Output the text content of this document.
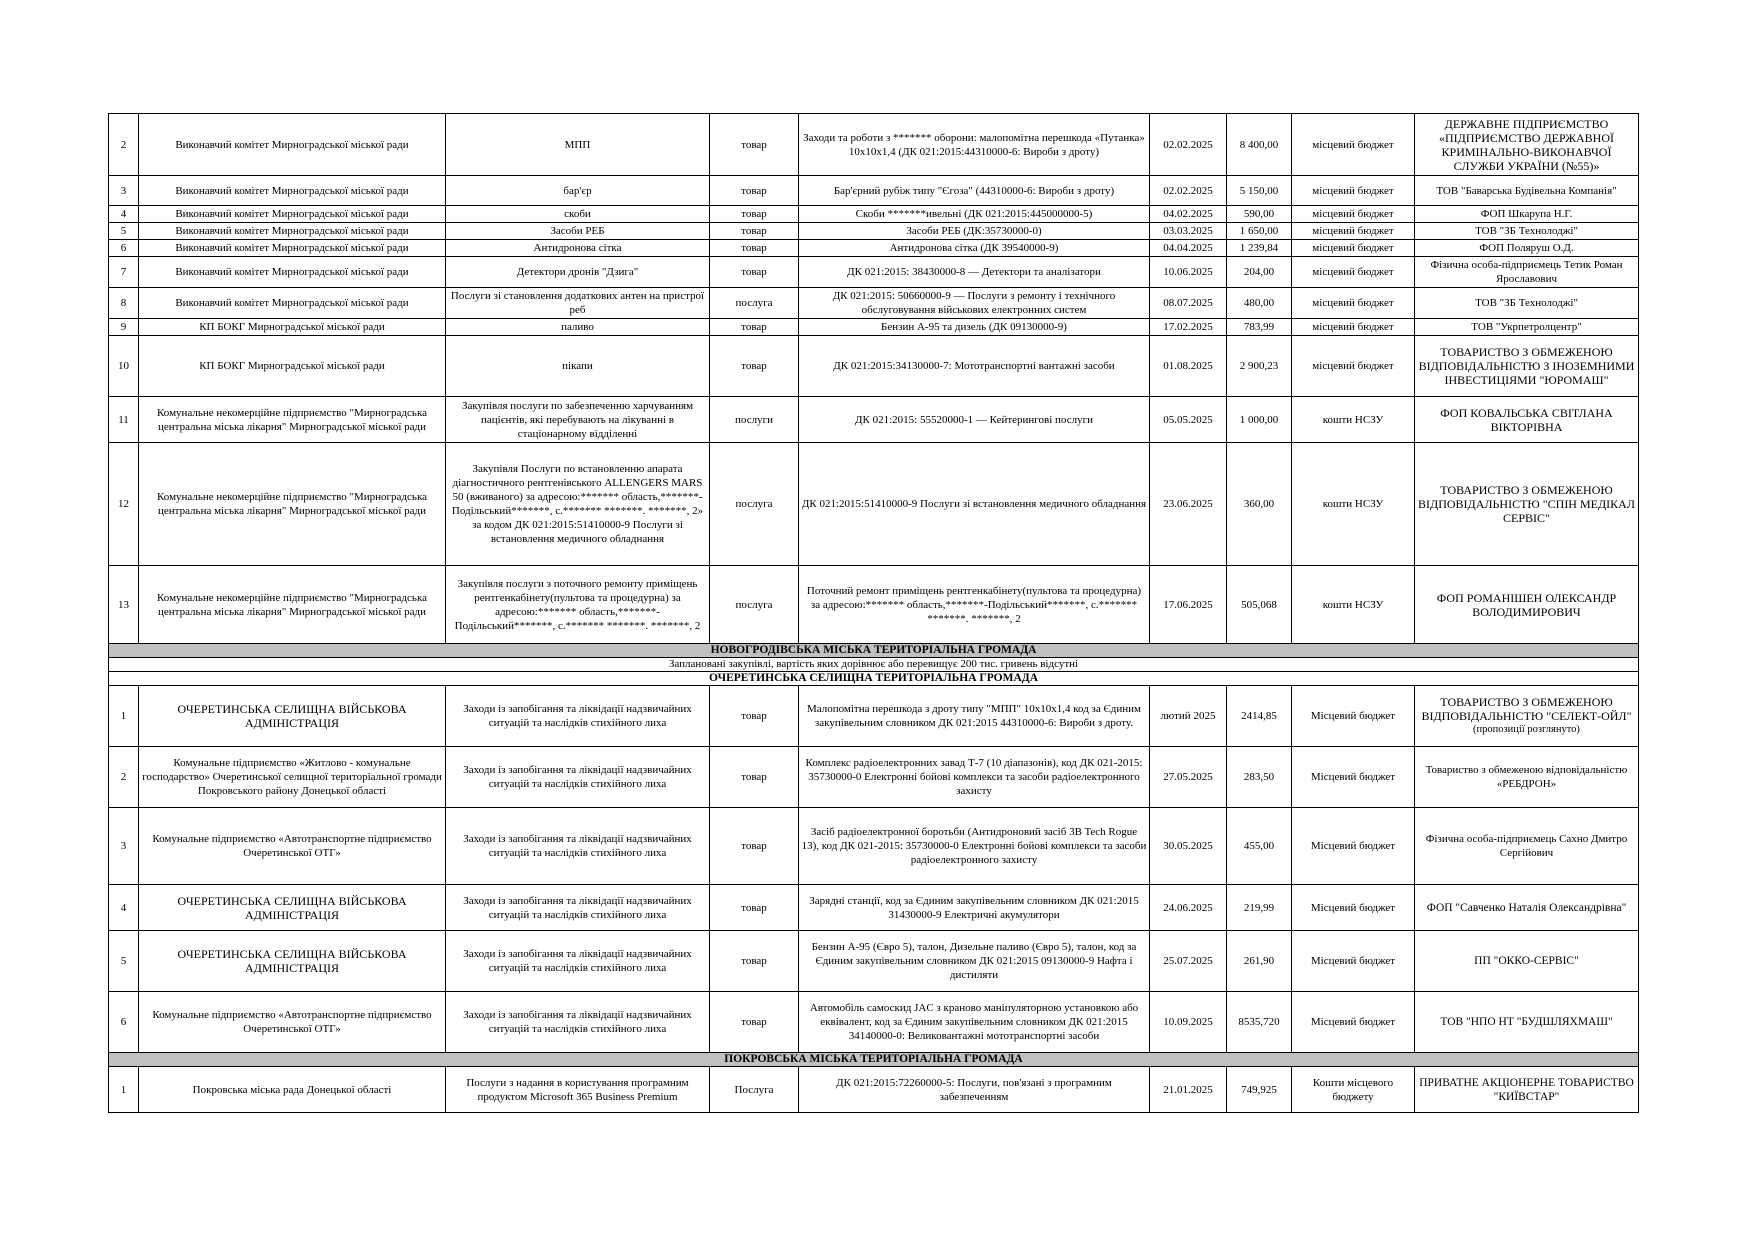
2	Виконавчий комітет Мирноградської міської ради	МПП	товар	Заходи та роботи з ******* оборони: малопомітна перешкода «Путанка» 10х10х1,4 (ДК 021:2015:44310000-6: Вироби з дроту)	02.02.2025	8 400,00	місцевий бюджет	ДЕРЖАВНЕ ПІДПРИЄМСТВО «ПІДПРИЄМСТВО ДЕРЖАВНОЇ КРИМІНАЛЬНО-ВИКОНАВЧОЇ СЛУЖБИ УКРАЇНИ (№55)»
3	Виконавчий комітет Мирноградської міської ради	бар'єр	товар	Бар'єрний рубіж типу "Єгоза" (44310000-6: Вироби з дроту)	02.02.2025	5 150,00	місцевий бюджет	ТОВ "Баварська Будівельна Компанія"
4	Виконавчий комітет Мирноградської міської ради	скоби	товар	Скоби *******ивельні (ДК 021:2015:445000000-5)	04.02.2025	590,00	місцевий бюджет	ФОП Шкарупа Н.Г.
5	Виконавчий комітет Мирноградської міської ради	Засоби РЕБ	товар	Засоби РЕБ (ДК:35730000-0)	03.03.2025	1 650,00	місцевий бюджет	ТОВ "ЗБ Технолоджі"
6	Виконавчий комітет Мирноградської міської ради	Антидронова сітка	товар	Антидронова сітка (ДК 39540000-9)	04.04.2025	1 239,84	місцевий бюджет	ФОП Поляруш О.Д.
7	Виконавчий комітет Мирноградської міської ради	Детектори дронів "Дзига"	товар	ДК 021:2015: 38430000-8 — Детектори та аналізатори	10.06.2025	204,00	місцевий бюджет	Фізична особа-підприємець Тетик Роман Ярославович
8	Виконавчий комітет Мирноградської міської ради	Послуги зі становлення додаткових антен на пристрої реб	послуга	ДК 021:2015: 50660000-9 — Послуги з ремонту і технічного обслуговування військових електронних систем	08.07.2025	480,00	місцевий бюджет	ТОВ "ЗБ Технолоджі"
9	КП БОКГ Мирноградської міської ради	паливо	товар	Бензин А-95 та дизель (ДК 09130000-9)	17.02.2025	783,99	місцевий бюджет	ТОВ "Укрпетролцентр"
10	КП БОКГ Мирноградської міської ради	пікапи	товар	ДК 021:2015:34130000-7: Мототранспортні вантажні засоби	01.08.2025	2 900,23	місцевий бюджет	ТОВАРИСТВО З ОБМЕЖЕНОЮ ВІДПОВІДАЛЬНІСТЮ З ІНОЗЕМНИМИ ІНВЕСТИЦІЯМИ "ЮРОМАШ"
11	Комунальне некомерційне підприємство "Мирноградська центральна міська лікарня" Мирноградської міської ради	Закупівля послуги по забезпеченню харчуванням пацієнтів, які перебувають на лікуванні в стаціонарному відділенні	послуги	ДК 021:2015: 55520000-1 — Кейтерингові послуги	05.05.2025	1 000,00	кошти НСЗУ	ФОП КОВАЛЬСЬКА СВІТЛАНА ВІКТОРІВНА
12	Комунальне некомерційне підприємство "Мирноградська центральна міська лікарня" Мирноградської міської ради	Закупівля Послуги по встановленню апарата діагностичного рентгенівського ALLENGERS MARS 50 (вживаного) за адресою:******* область,*******-Подільський*******, с.******* *******. *******, 2» за кодом ДК 021:2015:51410000-9 Послуги зі встановлення медичного обладнання	послуга	ДК 021:2015:51410000-9 Послуги зі встановлення медичного обладнання	23.06.2025	360,00	кошти НСЗУ	ТОВАРИСТВО З ОБМЕЖЕНОЮ ВІДПОВІДАЛЬНІСТЮ "СПІН МЕДІКАЛ СЕРВІС"
13	Комунальне некомерційне підприємство "Мирноградська центральна міська лікарня" Мирноградської міської ради	Закупівля послуги з поточного ремонту приміщень рентгенкабінету(пультова та процедурна) за адресою:******* область,*******-Подільський*******, с.******* *******. *******, 2	послуга	Поточний ремонт приміщень рентгенкабінету(пультова та процедурна) за адресою:******* область,*******-Подільський*******, с.******* *******. *******, 2	17.06.2025	505,068	кошти НСЗУ	ФОП РОМАНІШЕН ОЛЕКСАНДР ВОЛОДИМИРОВИЧ
НОВОГРОДІВСЬКА МІСЬКА ТЕРИТОРІАЛЬНА ГРОМАДА								
Заплановані закупівлі, вартість яких дорівнює або перевищує 200 тис. гривень відсутні								
ОЧЕРЕТИНСЬКА СЕЛИЩНА ТЕРИТОРІАЛЬНА ГРОМАДА								
1	ОЧЕРЕТИНСЬКА СЕЛИЩНА ВІЙСЬКОВА АДМІНІСТРАЦІЯ	Заходи із запобігання та ліквідації надзвичайних ситуацій та наслідків стихійного лиха	товар	Малопомітна перешкода з дроту типу "МПП" 10х10х1,4 код за Єдиним закупівельним словником ДК 021:2015 44310000-6: Вироби з дроту.	лютий 2025	2414,85	Місцевий бюджет	ТОВАРИСТВО З ОБМЕЖЕНОЮ ВІДПОВІДАЛЬНІСТЮ "СЕЛЕКТ-ОЙЛ"
(пропозиції розглянуто)

2	Комунальне підприємство «Житлово - комунальне господарство» Очеретинської селищної територіальної громади Покровського району Донецької області	Заходи із запобігання та ліквідації надзвичайних ситуацій та наслідків стихійного лиха	товар	Комплекс радіоелектронних завад Т-7 (10 діапазонів), код ДК 021-2015: 35730000-0 Електронні бойові комплекси та засоби радіоелектронного захисту	27.05.2025	283,50	Місцевий бюджет	Товариство з обмеженою відповідальністю «РЕБДРОН»
3	Комунальне підприємство «Автотранспортне підприємство Очеретинської ОТГ»	Заходи із запобігання та ліквідації надзвичайних ситуацій та наслідків стихійного лиха	товар	Засіб радіоелектронної боротьби (Антидроновий засіб 3B Tech Rogue 13), код ДК 021-2015: 35730000-0 Електронні бойові комплекси та засоби радіоелектронного захисту	30.05.2025	455,00	Місцевий бюджет	Фізична особа-підприємець Сахно Дмитро Сергійович
4	ОЧЕРЕТИНСЬКА СЕЛИЩНА ВІЙСЬКОВА АДМІНІСТРАЦІЯ	Заходи із запобігання та ліквідації надзвичайних ситуацій та наслідків стихійного лиха	товар	Зарядні станції, код за Єдиним закупівельним словником ДК 021:2015 31430000-9 Електричні акумулятори	24.06.2025	219,99	Місцевий бюджет	ФОП "Савченко Наталія Олександрівна"
5	ОЧЕРЕТИНСЬКА СЕЛИЩНА ВІЙСЬКОВА АДМІНІСТРАЦІЯ	Заходи із запобігання та ліквідації надзвичайних ситуацій та наслідків стихійного лиха	товар	Бензин А-95 (Євро 5), талон, Дизельне паливо (Євро 5), талон, код за Єдиним закупівельним словником ДК 021:2015 09130000-9 Нафта і дистиляти	25.07.2025	261,90	Місцевий бюджет	ПП "ОККО-СЕРВІС"
6	Комунальне підприємство «Автотранспортне підприємство Очеретинської ОТГ»	Заходи із запобігання та ліквідації надзвичайних ситуацій та наслідків стихійного лиха	товар	Автомобіль самоскид JAC з краново маніпуляторною установкою або еквівалент, код за Єдиним закупівельним словником ДК 021:2015 34140000-0: Великовантажні мототранспортні засоби	10.09.2025	8535,720	Місцевий бюджет	ТОВ "НПО НТ "БУДШЛЯХМАШ"
ПОКРОВСЬКА МІСЬКА ТЕРИТОРІАЛЬНА ГРОМАДА								
1	Покровська міська рада Донецької області	Послуги з надання в користування програмним продуктом Microsoft 365 Business Premium	Послуга	ДК 021:2015:72260000-5: Послуги, пов'язані з програмним забезпеченням	21.01.2025	749,925	Кошти місцевого бюджету	ПРИВАТНЕ АКЦІОНЕРНЕ ТОВАРИСТВО "КИЇВСТАР"
